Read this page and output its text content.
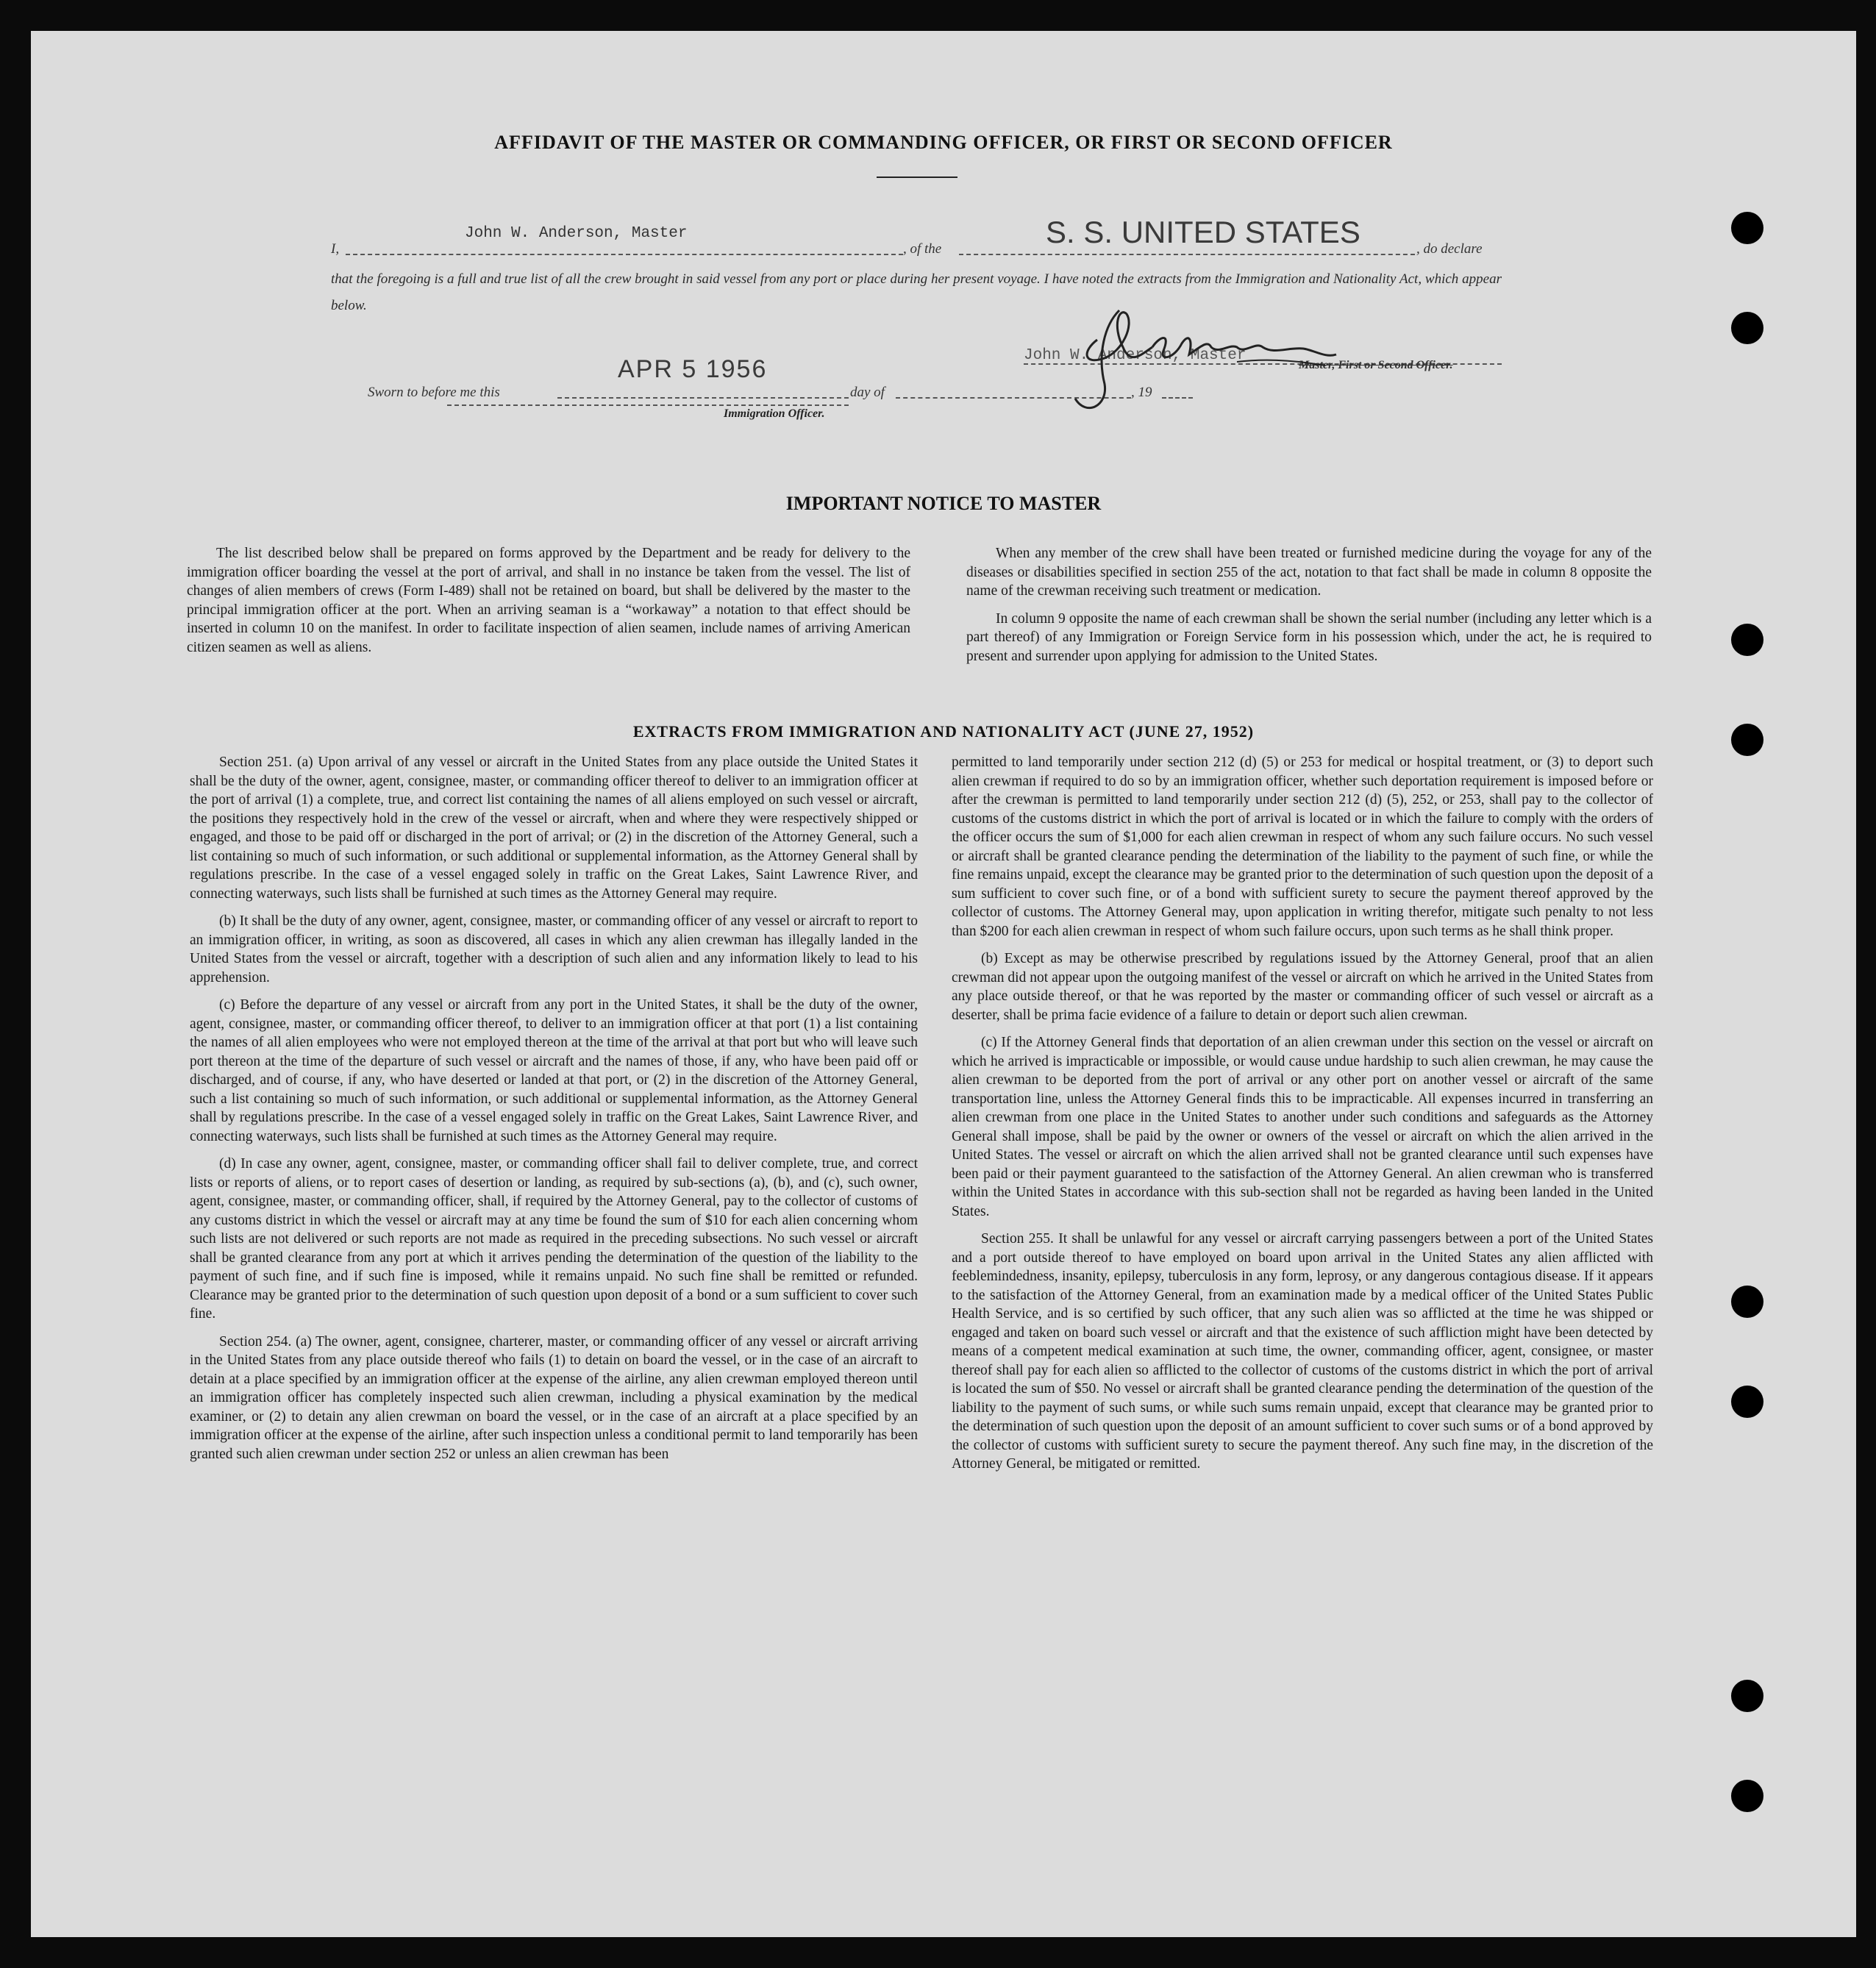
AFFIDAVIT OF THE MASTER OR COMMANDING OFFICER, OR FIRST OR SECOND OFFICER
I,
John W. Anderson, Master
, of the	S. S. UNITED STATES	, do declare

that the foregoing is a full and true list of all the crew brought in said vessel from any port or place during her present voyage. I have noted the extracts from the Immigration and Nationality Act, which appear below.

Sworn to before me this
APR 5 1956
day of	, 19
John W. Anderson, Master
Master, First or Second Officer.
Immigration Officer.
IMPORTANT NOTICE TO MASTER

The list described below shall be prepared on forms approved by the Department and be ready for delivery to the immigration officer boarding the vessel at the port of arrival, and shall in no instance be taken from the vessel. The list of changes of alien members of crews (Form I-489) shall not be retained on board, but shall be delivered by the master to the principal immigration officer at the port. When an arriving seaman is a “workaway” a notation to that effect should be inserted in column 10 on the manifest. In order to facilitate inspection of alien seamen, include names of arriving American citizen seamen as well as aliens.

When any member of the crew shall have been treated or furnished medicine during the voyage for any of the diseases or disabilities specified in section 255 of the act, notation to that fact shall be made in column 8 opposite the name of the crewman receiving such treatment or medication.

In column 9 opposite the name of each crewman shall be shown the serial number (including any letter which is a part thereof) of any Immigration or Foreign Service form in his possession which, under the act, he is required to present and surrender upon applying for admission to the United States.

EXTRACTS FROM IMMIGRATION AND NATIONALITY ACT (JUNE 27, 1952)

Section 251. (a) Upon arrival of any vessel or aircraft in the United States from any place outside the United States it shall be the duty of the owner, agent, consignee, master, or commanding officer thereof to deliver to an immigration officer at the port of arrival (1) a complete, true, and correct list containing the names of all aliens employed on such vessel or aircraft, the positions they respectively hold in the crew of the vessel or aircraft, when and where they were respectively shipped or engaged, and those to be paid off or discharged in the port of arrival; or (2) in the discretion of the Attorney General, such a list containing so much of such information, or such additional or supplemental information, as the Attorney General shall by regulations prescribe. In the case of a vessel engaged solely in traffic on the Great Lakes, Saint Lawrence River, and connecting waterways, such lists shall be furnished at such times as the Attorney General may require.

(b) It shall be the duty of any owner, agent, consignee, master, or commanding officer of any vessel or aircraft to report to an immigration officer, in writing, as soon as discovered, all cases in which any alien crewman has illegally landed in the United States from the vessel or aircraft, together with a description of such alien and any information likely to lead to his apprehension.

(c) Before the departure of any vessel or aircraft from any port in the United States, it shall be the duty of the owner, agent, consignee, master, or commanding officer thereof, to deliver to an immigration officer at that port (1) a list containing the names of all alien employees who were not employed thereon at the time of the arrival at that port but who will leave such port thereon at the time of the departure of such vessel or aircraft and the names of those, if any, who have been paid off or discharged, and of course, if any, who have deserted or landed at that port, or (2) in the discretion of the Attorney General, such a list containing so much of such information, or such additional or supplemental information, as the Attorney General shall by regulations prescribe. In the case of a vessel engaged solely in traffic on the Great Lakes, Saint Lawrence River, and connecting waterways, such lists shall be furnished at such times as the Attorney General may require.

(d) In case any owner, agent, consignee, master, or commanding officer shall fail to deliver complete, true, and correct lists or reports of aliens, or to report cases of desertion or landing, as required by sub-sections (a), (b), and (c), such owner, agent, consignee, master, or commanding officer, shall, if required by the Attorney General, pay to the collector of customs of any customs district in which the vessel or aircraft may at any time be found the sum of $10 for each alien concerning whom such lists are not delivered or such reports are not made as required in the preceding subsections. No such vessel or aircraft shall be granted clearance from any port at which it arrives pending the determination of the question of the liability to the payment of such fine, and if such fine is imposed, while it remains unpaid. No such fine shall be remitted or refunded. Clearance may be granted prior to the determination of such question upon deposit of a bond or a sum sufficient to cover such fine.

Section 254. (a) The owner, agent, consignee, charterer, master, or commanding officer of any vessel or aircraft arriving in the United States from any place outside thereof who fails (1) to detain on board the vessel, or in the case of an aircraft to detain at a place specified by an immigration officer at the expense of the airline, any alien crewman employed thereon until an immigration officer has completely inspected such alien crewman, including a physical examination by the medical examiner, or (2) to detain any alien crewman on board the vessel, or in the case of an aircraft at a place specified by an immigration officer at the expense of the airline, after such inspection unless a conditional permit to land temporarily has been granted such alien crewman under section 252 or unless an alien crewman has been

permitted to land temporarily under section 212 (d) (5) or 253 for medical or hospital treatment, or (3) to deport such alien crewman if required to do so by an immigration officer, whether such deportation requirement is imposed before or after the crewman is permitted to land temporarily under section 212 (d) (5), 252, or 253, shall pay to the collector of customs of the customs district in which the port of arrival is located or in which the failure to comply with the orders of the officer occurs the sum of $1,000 for each alien crewman in respect of whom any such failure occurs. No such vessel or aircraft shall be granted clearance pending the determination of the liability to the payment of such fine, or while the fine remains unpaid, except the clearance may be granted prior to the determination of such question upon the deposit of a sum sufficient to cover such fine, or of a bond with sufficient surety to secure the payment thereof approved by the collector of customs. The Attorney General may, upon application in writing therefor, mitigate such penalty to not less than $200 for each alien crewman in respect of whom such failure occurs, upon such terms as he shall think proper.

(b) Except as may be otherwise prescribed by regulations issued by the Attorney General, proof that an alien crewman did not appear upon the outgoing manifest of the vessel or aircraft on which he arrived in the United States from any place outside thereof, or that he was reported by the master or commanding officer of such vessel or aircraft as a deserter, shall be prima facie evidence of a failure to detain or deport such alien crewman.

(c) If the Attorney General finds that deportation of an alien crewman under this section on the vessel or aircraft on which he arrived is impracticable or impossible, or would cause undue hardship to such alien crewman, he may cause the alien crewman to be deported from the port of arrival or any other port on another vessel or aircraft of the same transportation line, unless the Attorney General finds this to be impracticable. All expenses incurred in transferring an alien crewman from one place in the United States to another under such conditions and safeguards as the Attorney General shall impose, shall be paid by the owner or owners of the vessel or aircraft on which the alien arrived in the United States. The vessel or aircraft on which the alien arrived shall not be granted clearance until such expenses have been paid or their payment guaranteed to the satisfaction of the Attorney General. An alien crewman who is transferred within the United States in accordance with this sub-section shall not be regarded as having been landed in the United States.

Section 255. It shall be unlawful for any vessel or aircraft carrying passengers between a port of the United States and a port outside thereof to have employed on board upon arrival in the United States any alien afflicted with feeblemindedness, insanity, epilepsy, tuberculosis in any form, leprosy, or any dangerous contagious disease. If it appears to the satisfaction of the Attorney General, from an examination made by a medical officer of the United States Public Health Service, and is so certified by such officer, that any such alien was so afflicted at the time he was shipped or engaged and taken on board such vessel or aircraft and that the existence of such affliction might have been detected by means of a competent medical examination at such time, the owner, commanding officer, agent, consignee, or master thereof shall pay for each alien so afflicted to the collector of customs of the customs district in which the port of arrival is located the sum of $50. No vessel or aircraft shall be granted clearance pending the determination of the question of the liability to the payment of such sums, or while such sums remain unpaid, except that clearance may be granted prior to the determination of such question upon the deposit of an amount sufficient to cover such sums or of a bond approved by the collector of customs with sufficient surety to secure the payment thereof. Any such fine may, in the discretion of the Attorney General, be mitigated or remitted.
